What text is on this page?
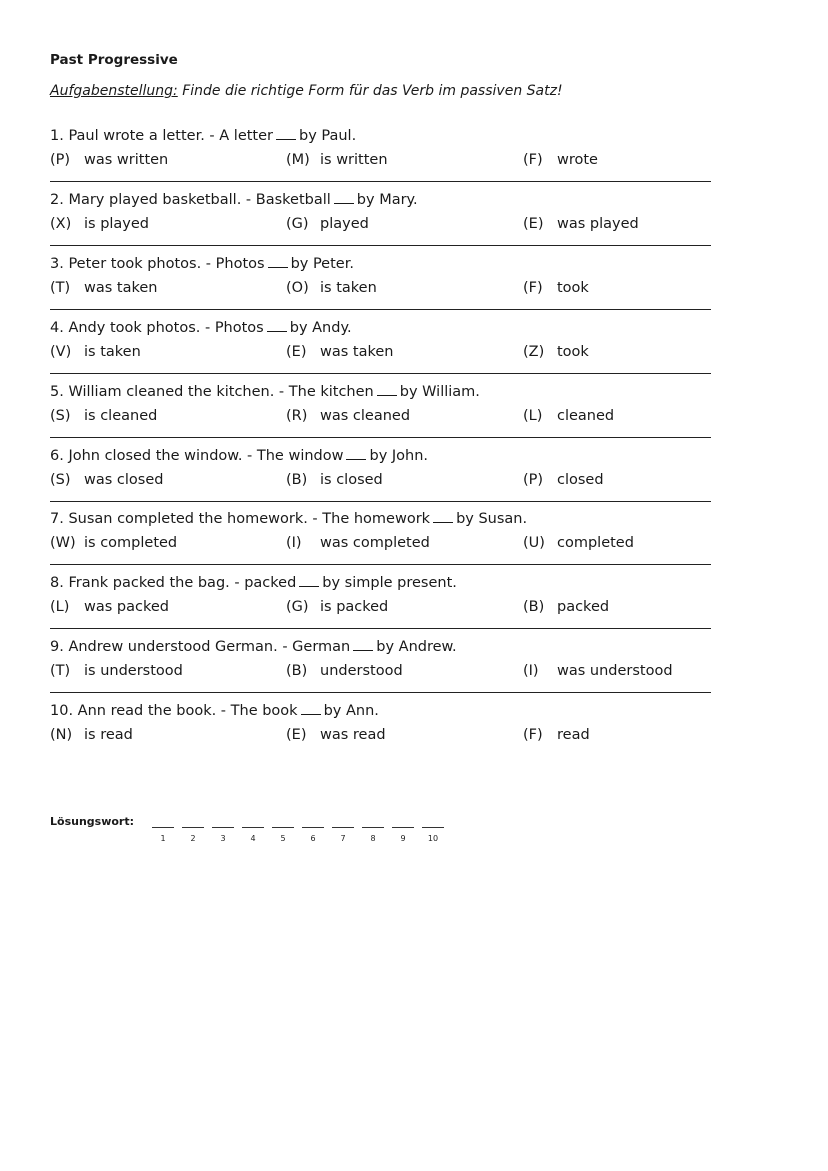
Past Progressive
Aufgabenstellung: Finde die richtige Form für das Verb im passiven Satz!
1. Paul wrote a letter. - A letter by Paul.
(P) was written	(M) is written	(F) wrote
2. Mary played basketball. - Basketball by Mary.
(X) is played	(G) played	(E) was played
3. Peter took photos. - Photos by Peter.
(T) was taken	(O) is taken	(F) took
4. Andy took photos. - Photos by Andy.
(V) is taken	(E) was taken	(Z) took
5. William cleaned the kitchen. - The kitchen by William.
(S) is cleaned	(R) was cleaned	(L) cleaned
6. John closed the window. - The window by John.
(S) was closed	(B) is closed	(P) closed
7. Susan completed the homework. - The homework by Susan.
(W) is completed	(I) was completed	(U) completed
8. Frank packed the bag. - packed by simple present.
(L) was packed	(G) is packed	(B) packed
9. Andrew understood German. - German by Andrew.
(T) is understood	(B) understood	(I) was understood
10. Ann read the book. - The book by Ann.
(N) is read	(E) was read	(F) read
Lösungswort:
1	2	3	4	5	6	7	8	9	10
